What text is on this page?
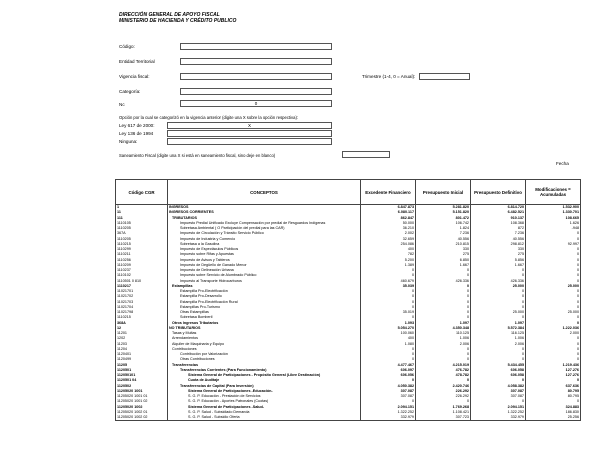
DIRECCIÓN GENERAL DE APOYO FISCAL
MINISTERIO DE HACIENDA Y CRÉDITO PUBLICO
Código:
Entidad Territorial
Vigencia fiscal:	Trimestre (1-4, 0 = Anual):
Categoría:
Nc	0
Opción por la cual se categorizó en la vigencia anterior (digite una X sobre la opción respectiva):
Ley 617 de 2000:	X
Ley 136 de 1994
Ninguna:
Saneamiento Fiscal (digite una X si está en saneamiento fiscal, sino deje en blanco)
Fecha
Código CGR	CONCEPTOS	Excedente Financiero	Presupuesto Inicial	Presupuesto Definitivo	Modificaciones = Acumuladas
1	INGRESOS	6.847.873	5.281.820	6.814.720	1.532.900
11	INGRESOS CORRIENTES	6.080.117	5.151.820	6.482.521	1.330.701
111	TRIBUTARIOS	862.847	801.472	910.137	108.665
1110105	Impuesto Predial Unificado Excluye Compensación por predial de Resguardos Indígenas	50.000	106.742	108.368	1.626
1110205	Sobretasa Ambiental ( O Participación del predial para las CAR)	36.210	1.824	872	-948
367A	Impuesto de Circulación y Tránsito Servicio Público	2.002	7.236	7.236	0
1110205	Impuesto de Industria y Comercio	32.659	40.556	40.556	0
1110215	Sobretasa a la Gasolina	254.086	210.815	298.812	92.997
1110299	Impuesto de Espectáculos Públicos	400	330	330	0
1110211	Impuesto sobre Rifas y Apuestas	782	275	275	0
1110256	Impuesto de Avisos y Tableros	5.200	6.850	5.856	0
1110209	Impuesto de Degüello de Ganado Menor	1.389	1.667	1.667	0
1110237	Impuesto de Delineación Urbana	0	0	0	0
1110102	Impuesto sobre Servicio de Alumbrado Público	0	0	0	0
1110501 0 810	Impuesto al Transporte Hidrocarburos	460.679	426.336	426.336	0
1110217	Estampillas	35.039	0	25.000	25.000
11021701	Estampilla Pro-Electrificación	0	0	0	0
11021702	Estampilla Pro-Desarrollo	0	0	0	0
11021703	Estampilla Pro-Electrificación Rural	0	0	0	0
11021704	Estampillas Pro-Turismo	0	0	0	0
11021798	Otras Estampillas	35.019	0	25.000	25.000
1110215	Sobretasa Bomberil	0	0	0	0
368A	Otros Ingresos Tributarios	1.093	1.097	1.097	0
12	NO TRIBUTARIOS	5.054.270	4.350.348	5.572.384	1.222.036
11201	Tasas y Multas	100.060	110.125	116.125	2.000
1202	Arrendamientos	400	1.006	1.006	0
11203	Alquiler de Maquinaria y Equipo	1.080	2.006	2.006	0
11204	Contribuciones	0	0	0	0
1120401	Contribución por Valorización	0	0	0	0
1120499	Otras Contribuciones	0	0	0	0
11205	Transferencias	4.477.467	4.215.019	5.434.455	1.219.436
1120501	Transferencias Corrientes (Para Funcionamiento)	606.097	476.782	606.058	127.276
112050101	Sistema General de Participaciones - Propósito General (Libre Destinación)	606.056	478.782	606.058	127.276
1120501 04	Cuota de Auditaje	0	0	0	0
1120502	Transferencias de Capital (Para Inversión)	4.050.382	2.420.746	4.058.382	637.636
11205020 1001	Sistema General de Participaciones -Educación-	307.087	226.292	307.087	80.795
11205020 1001 01	S. G. P. Educación - Prestación de Servicios	307.087	226.292	307.087	80.795
11205020 1001 02	S. G. P. Educación - Aportes Patronales (Cuotas)	0	0	0	0
11205020 1002	Sistema General de Participaciones -Salud-	2.094.151	1.769.268	2.094.151	324.883
11205020 1002 01	S. G. P. Salud - Subsidiado Demanda	1.322.252	1.108.421	1.322.252	186.830
11205020 1002 02	S. G. P. Salud - Subsidio Oferta	332.979	307.723	332.979	25.256
